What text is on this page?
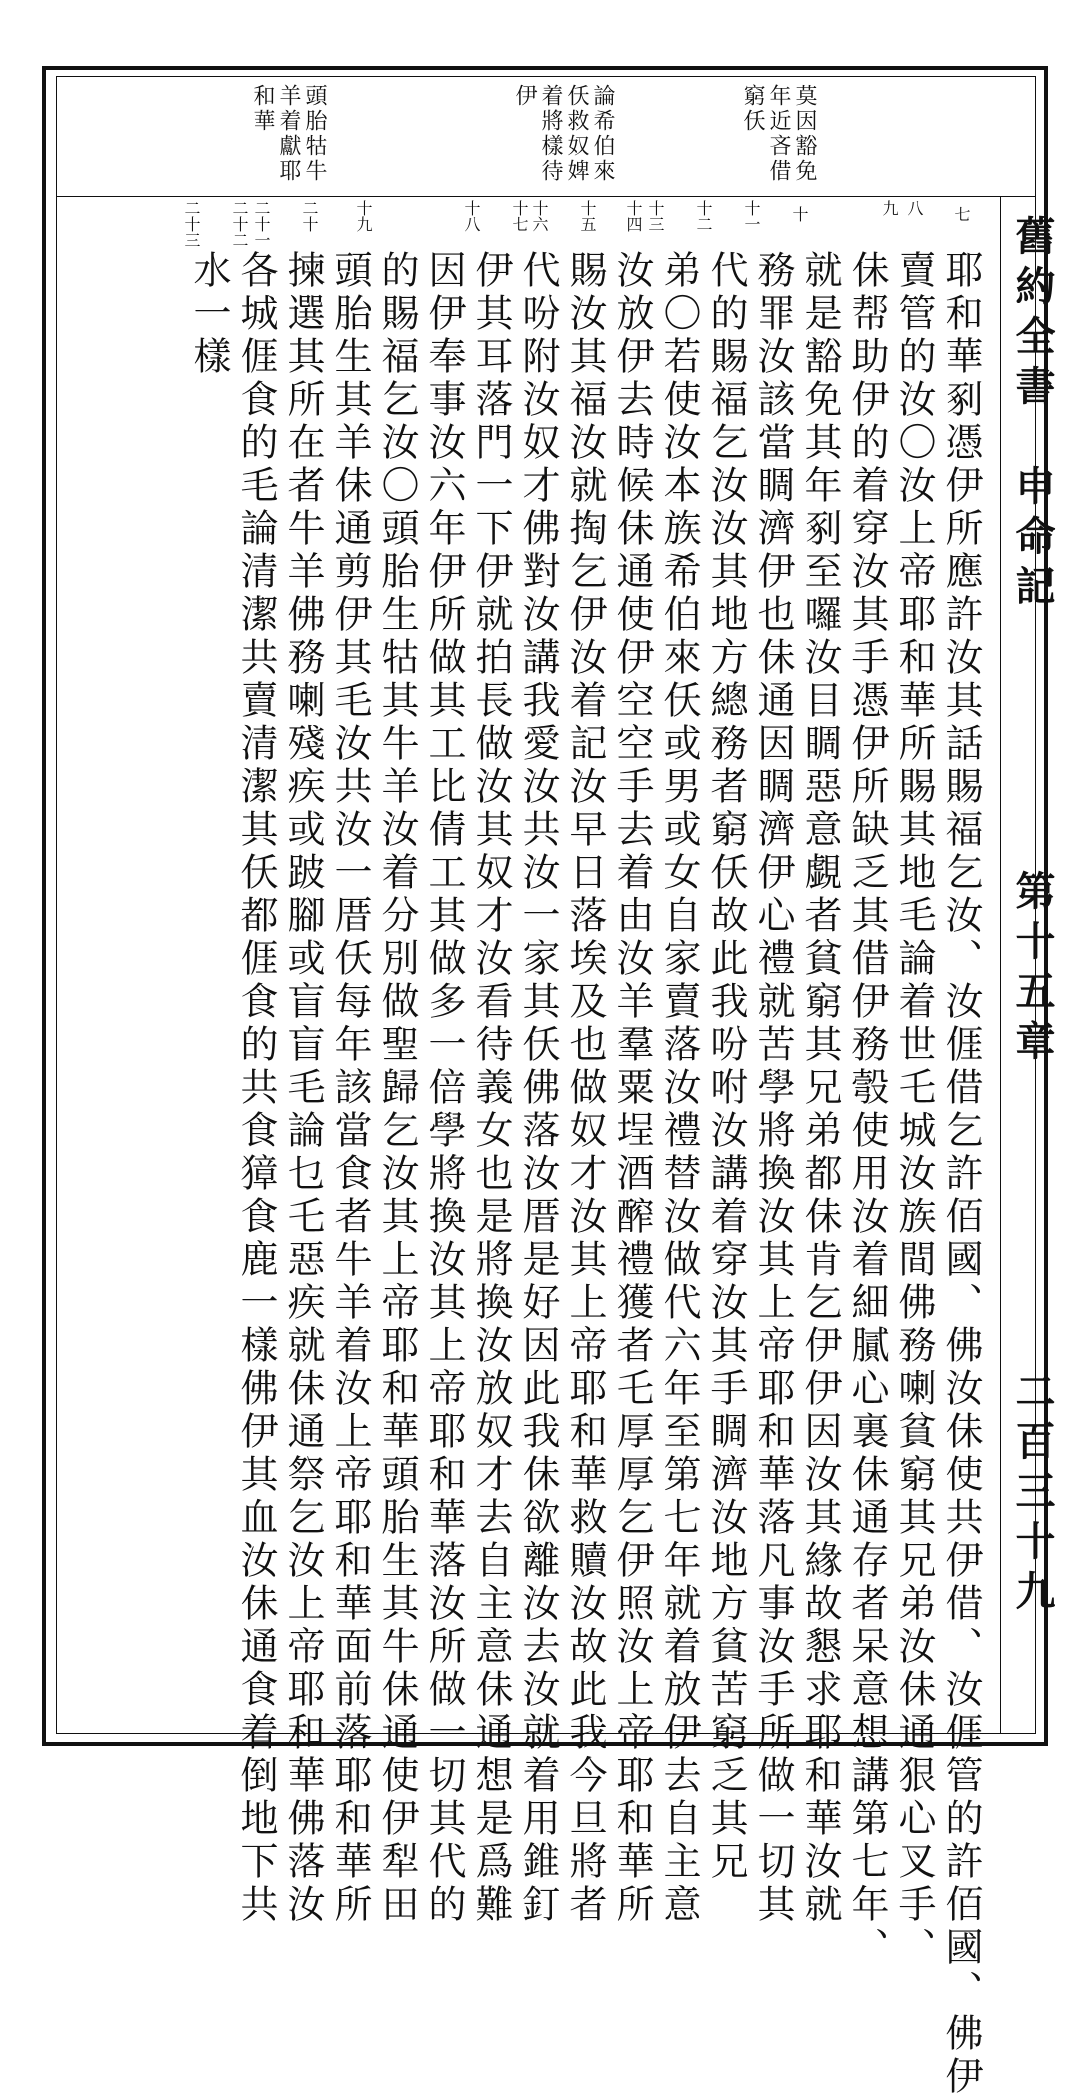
莫因豁免
年近吝借
窮仸
論希伯來
仸救奴婢
着將樣待
伊
頭胎牯牛
羊着獻耶
和華
舊約全書
申命記
第十五章
二百三十九
七
八
九
十
十一
十二
十三
十四
十五
十六
十七
十八
十九
二十
二十一
二十二
二十三
耶和華剢憑伊所應許汝其話賜福乞汝、汝𠊎借乞許佰國、佛汝佅使共伊借、汝𠊎管的許佰國、佛伊
賣管的汝〇汝上帝耶和華所賜其地毛論着世乇城汝族間佛務喇貧窮其兄弟汝佅通狠心叉手、
佅帮助伊的着穿汝其手憑伊所缺乏其借伊務彀使用汝着細膩心裏佅通存者呆意想講第七年、
就是豁免其年剢至囉汝目睭惡意覷者貧窮其兄弟都佅肯乞伊伊因汝其緣故懇求耶和華汝就
務罪汝該當睭濟伊也佅通因睭濟伊心禮就苦學將換汝其上帝耶和華落凡事汝手所做一切其
代的賜福乞汝汝其地方總務者窮仸故此我吩咐汝講着穿汝其手睭濟汝地方貧苦窮乏其兄
弟〇若使汝本族希伯來仸或男或女自家賣落汝禮替汝做代六年至第七年就着放伊去自主意
汝放伊去時候佅通使伊空空手去着由汝羊羣粟埕酒醡禮獲者乇厚厚乞伊照汝上帝耶和華所
賜汝其福汝就掏乞伊汝着記汝早日落埃及也做奴才汝其上帝耶和華救贖汝故此我今旦將者
代吩附汝奴才佛對汝講我愛汝共汝一家其仸佛落汝厝是好因此我佅欲離汝去汝就着用錐釘
伊其耳落門一下伊就拍長做汝其奴才汝看待義女也是將換汝放奴才去自主意佅通想是爲難
因伊奉事汝六年伊所做其工比倩工其做多一倍學將換汝其上帝耶和華落汝所做一切其代的
的賜福乞汝〇頭胎生牯其牛羊汝着分別做聖歸乞汝其上帝耶和華頭胎生其牛佅通使伊犁田
頭胎生其羊佅通剪伊其毛汝共汝一厝仸每年該當食者牛羊着汝上帝耶和華面前落耶和華所
揀選其所在者牛羊佛務喇殘疾或跛腳或盲盲毛論乜乇惡疾就佅通祭乞汝上帝耶和華佛落汝
各城𠊎食的毛論清潔共賣清潔其仸都𠊎食的共食獐食鹿一樣佛伊其血汝佅通食着倒地下共
水一樣
